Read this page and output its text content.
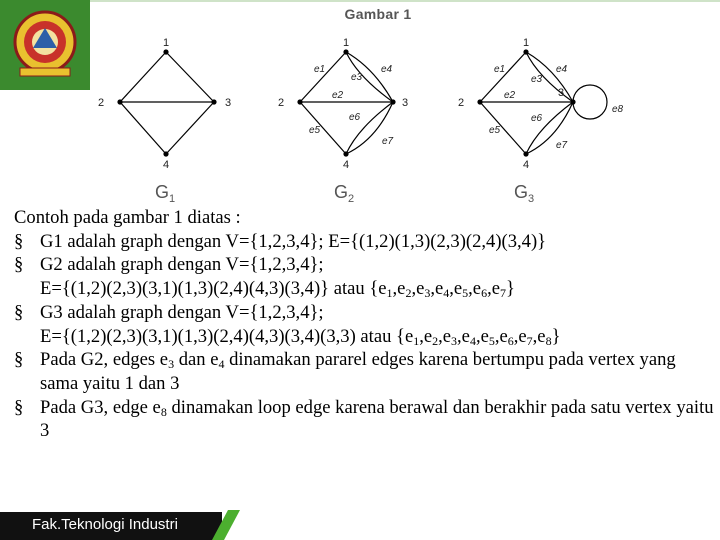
Gambar 1
1
2	3
4
1
2	3
4
1
2
3
4
e1
e2
e3
e4
e5
e6
e7
e1
e2
e3
e4
e5
e6
e7
e8
$G_1$	$G_2$	$G_3$

Contoh pada gambar 1 diatas :

§ G1 adalah graph dengan V={1,2,3,4}; E={(1,2)(1,3)(2,3)(2,4)(3,4)}
§ G2 adalah graph dengan V={1,2,3,4};
E={(1,2)(2,3)(3,1)(1,3)(2,4)(4,3)(3,4)} atau $\{e_1,e_2,e_3,e_4,e_5,e_6,e_7\}$
§ G3 adalah graph dengan V={1,2,3,4};
E={(1,2)(2,3)(3,1)(1,3)(2,4)(4,3)(3,4)(3,3) atau $\{e_1,e_2,e_3,e_4,e_5,e_6,e_7,e_8\}$
§ Pada G2, edges $e_3$ dan $e_4$ dinamakan pararel edges karena bertumpu pada vertex yang sama yaitu 1 dan 3
§ Pada G3, edge $e_8$ dinamakan loop edge karena berawal dan berakhir pada satu vertex yaitu 3
Fak.Teknologi Industri
